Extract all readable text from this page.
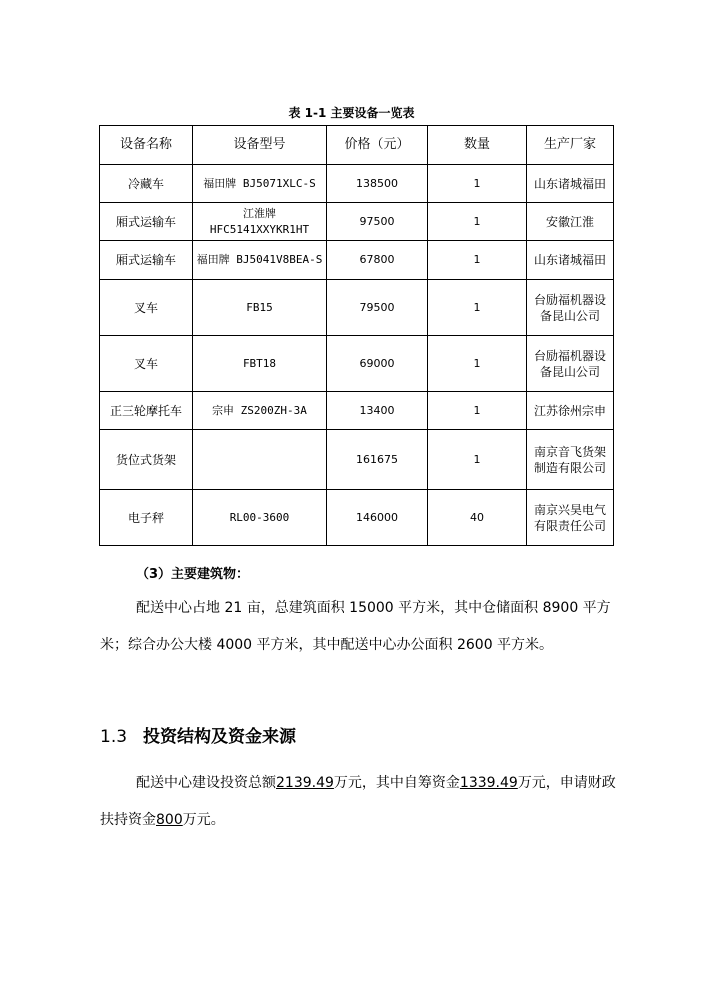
表 1-1 主要设备一览表
设备名称	设备型号	价格（元）	数量	生产厂家
冷藏车	福田牌 BJ5071XLC-S	138500	1	山东诸城福田
厢式运输车	江淮牌 HFC5141XXYKR1HT	97500	1	安徽江淮
厢式运输车	福田牌 BJ5041V8BEA-S	67800	1	山东诸城福田
叉车	FB15	79500	1	台励福机器设备昆山公司
叉车	FBT18	69000	1	台励福机器设备昆山公司
正三轮摩托车	宗申 ZS200ZH-3A	13400	1	江苏徐州宗申
货位式货架		161675	1	南京音飞货架制造有限公司
电子秤	RL00-3600	146000	40	南京兴昊电气有限责任公司
（3）主要建筑物：
配送中心占地 21 亩，总建筑面积 15000 平方米，其中仓储面积 8900 平方米；综合办公大楼 4000 平方米，其中配送中心办公面积 2600 平方米。
1.3 投资结构及资金来源
配送中心建设投资总额2139.49万元，其中自筹资金1339.49万元，申请财政扶持资金800万元。
